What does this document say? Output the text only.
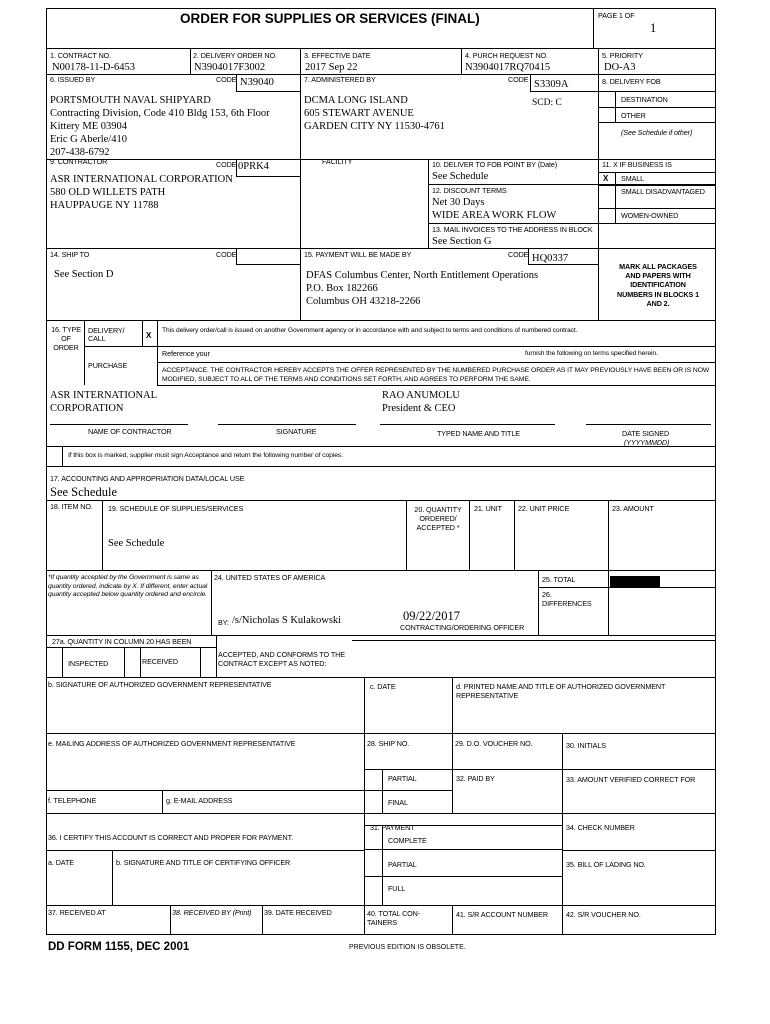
ORDER FOR SUPPLIES OR SERVICES (FINAL)	PAGE 1 OF
1
1. CONTRACT NO.
N00178-11-D-6453
2. DELIVERY ORDER NO.
N3904017F3002
3. EFFECTIVE DATE
2017 Sep 22
4. PURCH REQUEST NO.
N3904017RQ70415
5. PRIORITY
DO-A3
6. ISSUED BY	CODE N39040
PORTSMOUTH NAVAL SHIPYARD
Contracting Division, Code 410 Bldg 153, 6th Floor
Kittery ME 03904
Eric G Aberle/410
207-438-6792
7. ADMINISTERED BY	CODE S3309A
DCMA LONG ISLAND
605 STEWART AVENUE
GARDEN CITY NY 11530-4761
SCD: C
8. DELIVERY FOB
DESTINATION
OTHER
(See Schedule if other)
9. CONTRACTOR	CODE 0PRK4	FACILITY
ASR INTERNATIONAL CORPORATION
580 OLD WILLETS PATH
HAUPPAUGE NY 11788
10. DELIVER TO FOB POINT BY (Date)
See Schedule
12. DISCOUNT TERMS
Net 30 Days
WIDE AREA WORK FLOW
13. MAIL INVOICES TO THE ADDRESS IN BLOCK
See Section G
11. X IF BUSINESS IS
X SMALL
SMALL DISADVANTAGED
WOMEN-OWNED
14. SHIP TO	CODE
See Section D
15. PAYMENT WILL BE MADE BY	CODE HQ0337
DFAS Columbus Center, North Entitlement Operations
P.O. Box 182266
Columbus OH 43218-2266
MARK ALL PACKAGES AND PAPERS WITH IDENTIFICATION NUMBERS IN BLOCKS 1 AND 2.
16. TYPE OF ORDER
DELIVERY/ CALL	X
This delivery order/call is issued on another Government agency or in accordance with and subject to terms and conditions of numbered contract.
PURCHASE
Reference your	furnish the following on terms specified herein.
ACCEPTANCE. THE CONTRACTOR HEREBY ACCEPTS THE OFFER REPRESENTED BY THE NUMBERED PURCHASE ORDER AS IT MAY PREVIOUSLY HAVE BEEN OR IS NOW MODIFIED, SUBJECT TO ALL OF THE TERMS AND CONDITIONS SET FORTH, AND AGREES TO PERFORM THE SAME.
ASR INTERNATIONAL
CORPORATION
RAO ANUMOLU
President & CEO
NAME OF CONTRACTOR	SIGNATURE	TYPED NAME AND TITLE	DATE SIGNED
(YYYYMMDD)
If this box is marked, supplier must sign Acceptance and return the following number of copies:
17. ACCOUNTING AND APPROPRIATION DATA/LOCAL USE
See Schedule
18. ITEM NO. 19. SCHEDULE OF SUPPLIES/SERVICES	20. QUANTITY ORDERED/ ACCEPTED *
21. UNIT 22. UNIT PRICE	23. AMOUNT
See Schedule
*If quantity accepted by the Government is same as quantity ordered, indicate by X. If different, enter actual quantity accepted below quantity ordered and encircle.
24. UNITED STATES OF AMERICA	25. TOTAL
26. DIFFERENCES
BY: /s/Nicholas S Kulakowski	09/22/2017
CONTRACTING/ORDERING OFFICER
27a. QUANTITY IN COLUMN 20 HAS BEEN
INSPECTED	RECEIVED
ACCEPTED, AND CONFORMS TO THE CONTRACT EXCEPT AS NOTED:
b. SIGNATURE OF AUTHORIZED GOVERNMENT REPRESENTATIVE	c. DATE	d. PRINTED NAME AND TITLE OF AUTHORIZED GOVERNMENT REPRESENTATIVE
e. MAILING ADDRESS OF AUTHORIZED GOVERNMENT REPRESENTATIVE	28. SHIP NO.	29. D.O. VOUCHER NO.	30. INITIALS
PARTIAL
FINAL
32. PAID BY	33. AMOUNT VERIFIED CORRECT FOR
f. TELEPHONE	g. E-MAIL ADDRESS
31. PAYMENT
COMPLETE
PARTIAL
FULL
36. I CERTIFY THIS ACCOUNT IS CORRECT AND PROPER FOR PAYMENT.
34. CHECK NUMBER
a. DATE	b. SIGNATURE AND TITLE OF CERTIFYING OFFICER	35. BILL OF LADING NO.
37. RECEIVED AT	38. RECEIVED BY (Print) 39. DATE RECEIVED	40. TOTAL CON-TAINERS
41. S/R ACCOUNT NUMBER	42. S/R VOUCHER NO.
DD FORM 1155, DEC 2001	PREVIOUS EDITION IS OBSOLETE.
